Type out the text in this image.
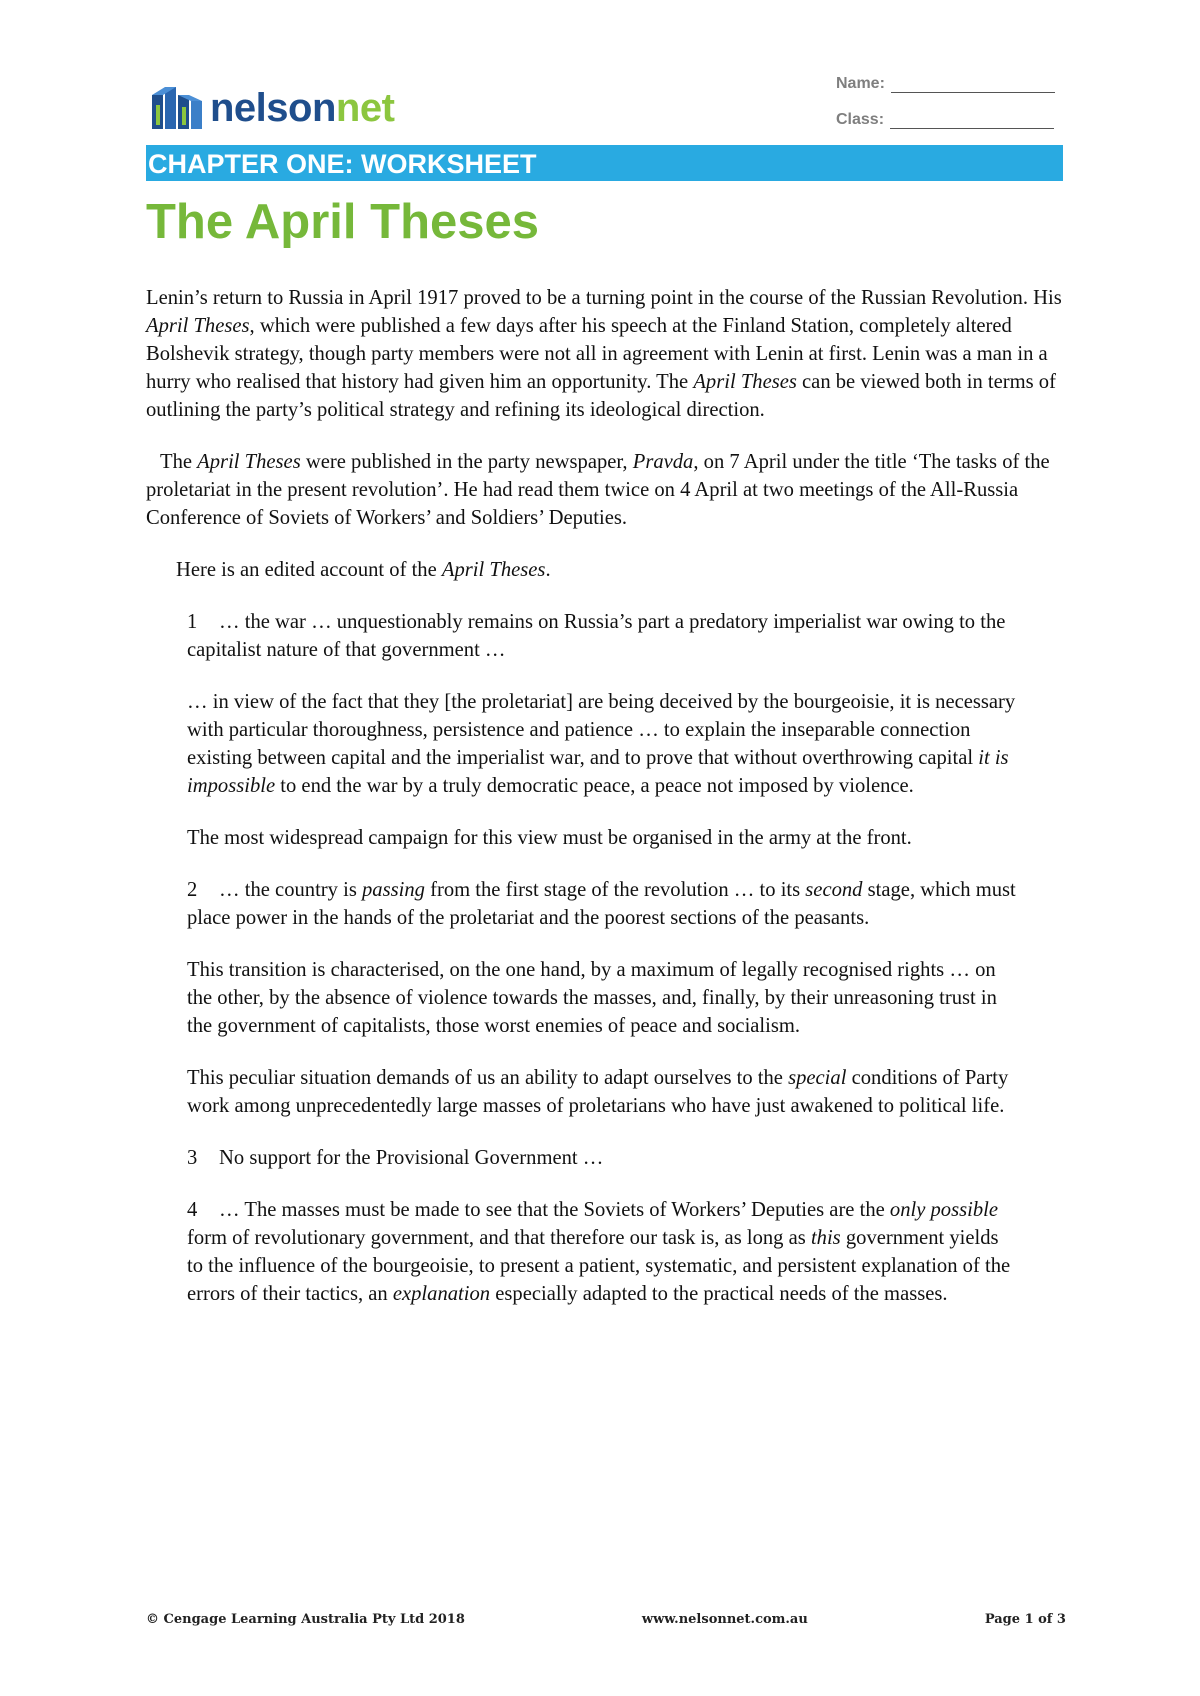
nelsonnet
Name:
Class:
CHAPTER ONE: WORKSHEET
The April Theses

Lenin’s return to Russia in April 1917 proved to be a turning point in the course of the Russian Revolution. His April Theses, which were published a few days after his speech at the Finland Station, completely altered Bolshevik strategy, though party members were not all in agreement with Lenin at first. Lenin was a man in a hurry who realised that history had given him an opportunity. The April Theses can be viewed both in terms of outlining the party’s political strategy and refining its ideological direction.

The April Theses were published in the party newspaper, Pravda, on 7 April under the title ‘The tasks of the proletariat in the present revolution’. He had read them twice on 4 April at two meetings of the All-Russia Conference of Soviets of Workers’ and Soldiers’ Deputies.

Here is an edited account of the April Theses.

1 … the war … unquestionably remains on Russia’s part a predatory imperialist war owing to the capitalist nature of that government …

… in view of the fact that they [the proletariat] are being deceived by the bourgeoisie, it is necessary with particular thoroughness, persistence and patience … to explain the inseparable connection existing between capital and the imperialist war, and to prove that without overthrowing capital it is impossible to end the war by a truly democratic peace, a peace not imposed by violence.

The most widespread campaign for this view must be organised in the army at the front.

2 … the country is passing from the first stage of the revolution … to its second stage, which must place power in the hands of the proletariat and the poorest sections of the peasants.

This transition is characterised, on the one hand, by a maximum of legally recognised rights … on the other, by the absence of violence towards the masses, and, finally, by their unreasoning trust in the government of capitalists, those worst enemies of peace and socialism.

This peculiar situation demands of us an ability to adapt ourselves to the special conditions of Party work among unprecedentedly large masses of proletarians who have just awakened to political life.

3 No support for the Provisional Government …

4 … The masses must be made to see that the Soviets of Workers’ Deputies are the only possible form of revolutionary government, and that therefore our task is, as long as this government yields to the influence of the bourgeoisie, to present a patient, systematic, and persistent explanation of the errors of their tactics, an explanation especially adapted to the practical needs of the masses.

© Cengage Learning Australia Pty Ltd 2018	www.nelsonnet.com.au	Page 1 of 3
